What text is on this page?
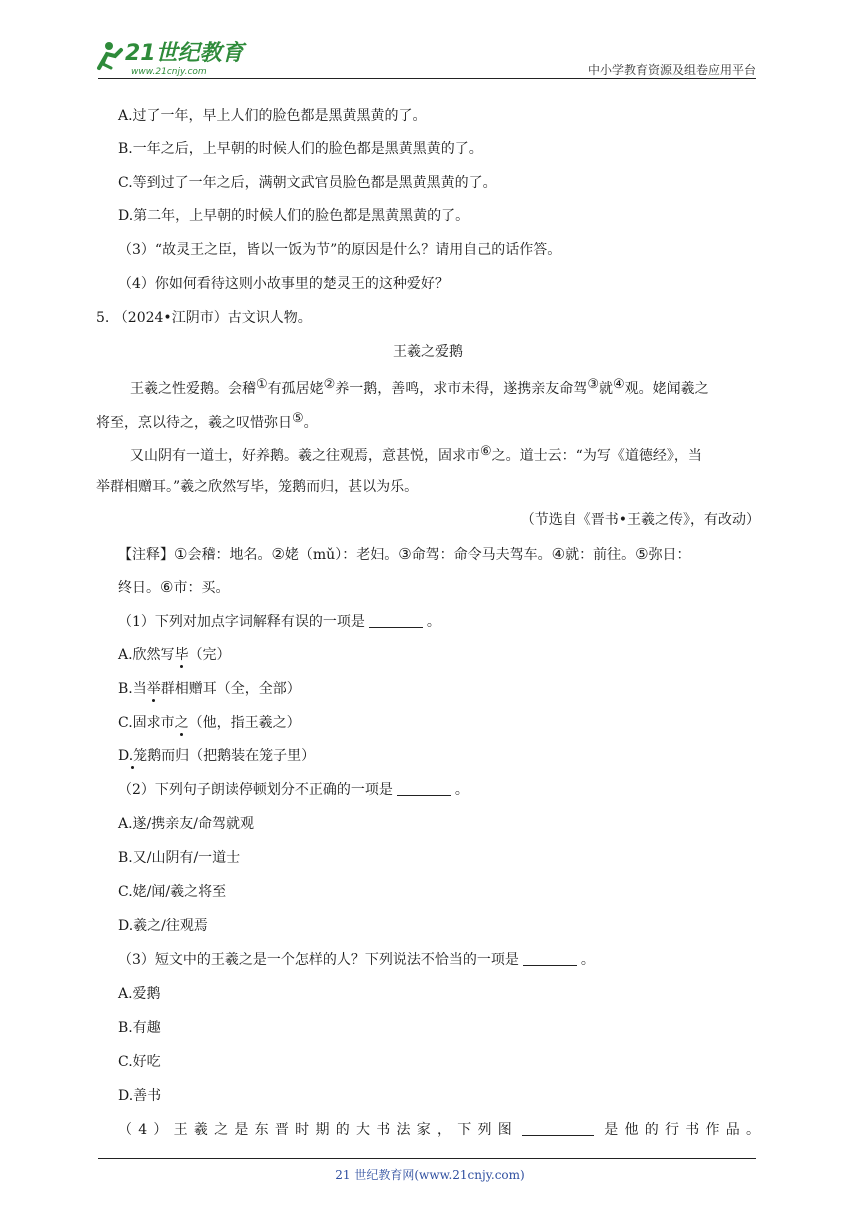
21世纪教育
www.21cnjy.com	中小学教育资源及组卷应用平台
A.过了一年，早上人们的脸色都是黑黄黑黄的了。
B.一年之后，上早朝的时候人们的脸色都是黑黄黑黄的了。
C.等到过了一年之后，满朝文武官员脸色都是黑黄黑黄的了。
D.第二年，上早朝的时候人们的脸色都是黑黄黑黄的了。
（3）“故灵王之臣，皆以一饭为节”的原因是什么？请用自己的话作答。
（4）你如何看待这则小故事里的楚灵王的这种爱好？
5. （2024•江阴市）古文识人物。
王羲之爱鹅
王羲之性爱鹅。会稽①有孤居姥②养一鹅，善鸣，求市未得，遂携亲友命驾③就④观。姥闻羲之
将至，烹以待之，羲之叹惜弥日⑤。
又山阴有一道士，好养鹅。羲之往观焉，意甚悦，固求市⑥之。道士云：“为写《道德经》，当
举群相赠耳。”羲之欣然写毕，笼鹅而归，甚以为乐。
（节选自《晋书•王羲之传》，有改动）
【注释】①会稽：地名。②姥（mǔ）：老妇。③命驾：命令马夫驾车。④就：前往。⑤弥日：
终日。⑥市：买。
（1）下列对加点字词解释有误的一项是	。
A.欣然写毕（完）
B.当举群相赠耳（全，全部）
C.固求市之（他，指王羲之）
D.笼鹅而归（把鹅装在笼子里）
（2）下列句子朗读停顿划分不正确的一项是	。
A.遂/携亲友/命驾就观
B.又/山阴有/一道士
C.姥/闻/羲之将至
D.羲之/往观焉
（3）短文中的王羲之是一个怎样的人？下列说法不恰当的一项是	。
A.爱鹅
B.有趣
C.好吃
D.善书
（4）王羲之是东晋时期的大书法家，下列图	是他的行书作品。
21 世纪教育网(www.21cnjy.com)
